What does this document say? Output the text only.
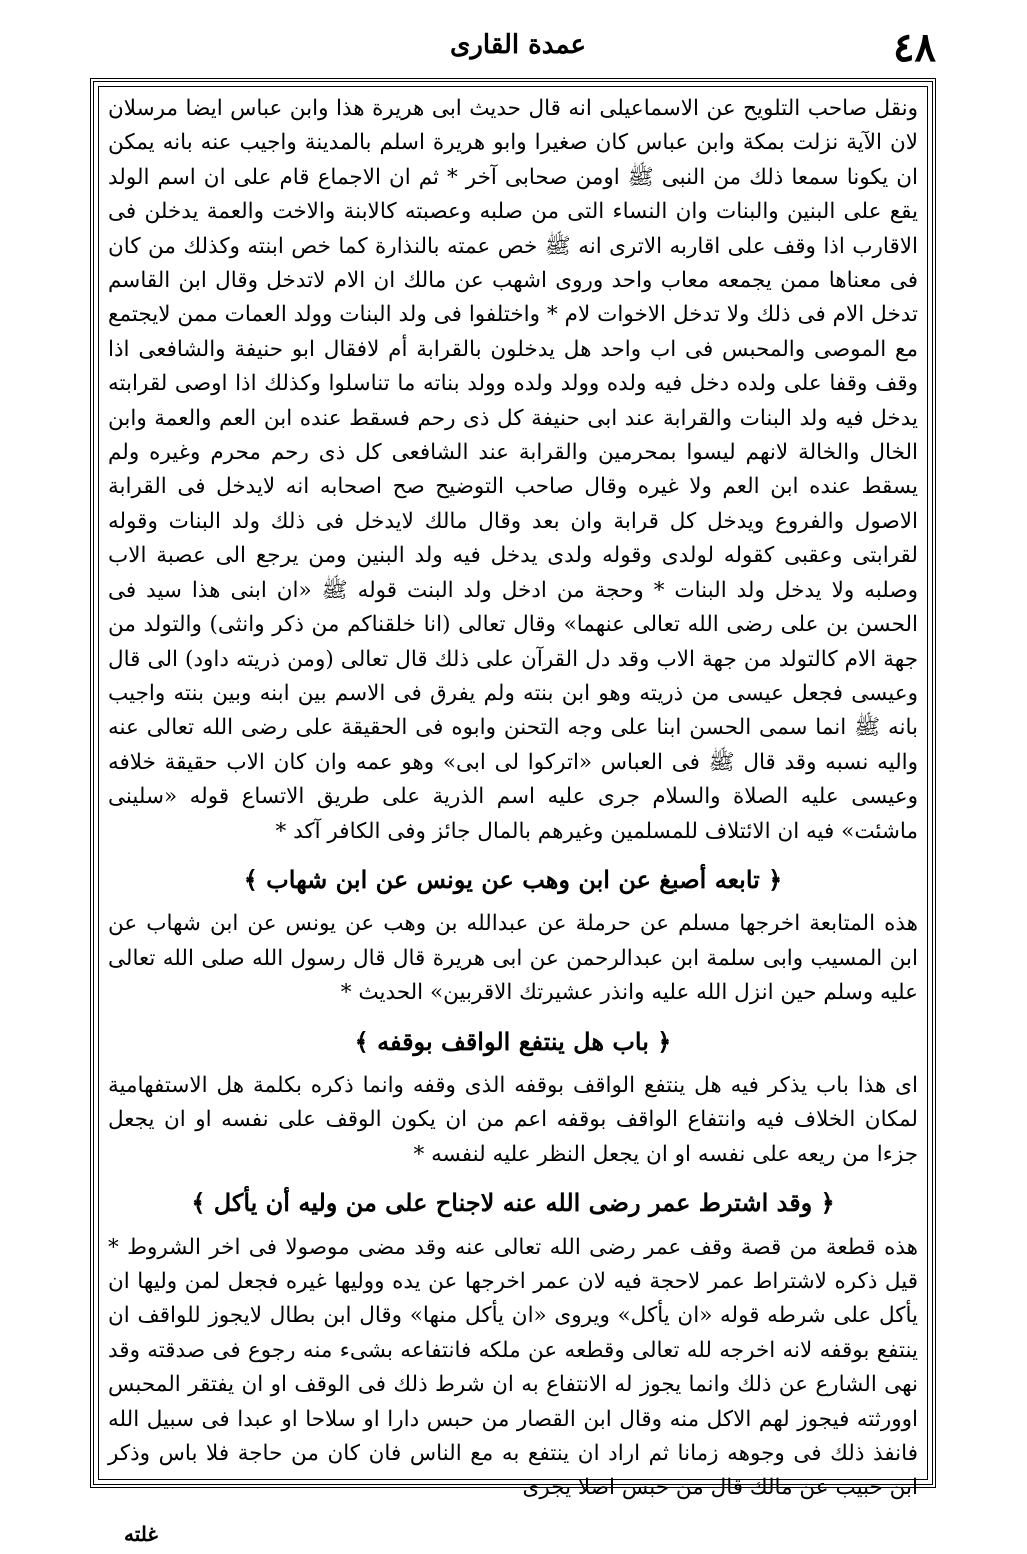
٤٨
عمدة القارى

ونقل صاحب التلويح عن الاسماعيلى انه قال حديث ابى هريرة هذا وابن عباس ايضا مرسلان لان الآية نزلت بمكة وابن عباس كان صغيرا وابو هريرة اسلم بالمدينة واجيب عنه بانه يمكن ان يكونا سمعا ذلك من النبى ﷺ اومن صحابى آخر * ثم ان الاجماع قام على ان اسم الولد يقع على البنين والبنات وان النساء التى من صلبه وعصبته كالابنة والاخت والعمة يدخلن فى الاقارب اذا وقف على اقاربه الاترى انه ﷺ خص عمته بالنذارة كما خص ابنته وكذلك من كان فى معناها ممن يجمعه معاب واحد وروى اشهب عن مالك ان الام لاتدخل وقال ابن القاسم تدخل الام فى ذلك ولا تدخل الاخوات لام * واختلفوا فى ولد البنات وولد العمات ممن لايجتمع مع الموصى والمحبس فى اب واحد هل يدخلون بالقرابة أم لافقال ابو حنيفة والشافعى اذا وقف وقفا على ولده دخل فيه ولده وولد ولده وولد بناته ما تناسلوا وكذلك اذا اوصى لقرابته يدخل فيه ولد البنات والقرابة عند ابى حنيفة كل ذى رحم فسقط عنده ابن العم والعمة وابن الخال والخالة لانهم ليسوا بمحرمين والقرابة عند الشافعى كل ذى رحم محرم وغيره ولم يسقط عنده ابن العم ولا غيره وقال صاحب التوضيح صح اصحابه انه لايدخل فى القرابة الاصول والفروع ويدخل كل قرابة وان بعد وقال مالك لايدخل فى ذلك ولد البنات وقوله لقرابتى وعقبى كقوله لولدى وقوله ولدى يدخل فيه ولد البنين ومن يرجع الى عصبة الاب وصلبه ولا يدخل ولد البنات * وحجة من ادخل ولد البنت قوله ﷺ «ان ابنى هذا سيد فى الحسن بن على رضى الله تعالى عنهما» وقال تعالى (انا خلقناكم من ذكر وانثى) والتولد من جهة الام كالتولد من جهة الاب وقد دل القرآن على ذلك قال تعالى (ومن ذريته داود) الى قال وعيسى فجعل عيسى من ذريته وهو ابن بنته ولم يفرق فى الاسم بين ابنه وبين بنته واجيب بانه ﷺ انما سمى الحسن ابنا على وجه التحنن وابوه فى الحقيقة على رضى الله تعالى عنه واليه نسبه وقد قال ﷺ فى العباس «اتركوا لى ابى» وهو عمه وان كان الاب حقيقة خلافه وعيسى عليه الصلاة والسلام جرى عليه اسم الذرية على طريق الاتساع قوله «سلينى ماشئت» فيه ان الائتلاف للمسلمين وغيرهم بالمال جائز وفى الكافر آكد *

﴿ تابعه أصبغ عن ابن وهب عن يونس عن ابن شهاب ﴾

هذه المتابعة اخرجها مسلم عن حرملة عن عبدالله بن وهب عن يونس عن ابن شهاب عن ابن المسيب وابى سلمة ابن عبدالرحمن عن ابى هريرة قال قال رسول الله صلى الله تعالى عليه وسلم حين انزل الله عليه وانذر عشيرتك الاقربين» الحديث *

﴿ باب هل ينتفع الواقف بوقفه ﴾

اى هذا باب يذكر فيه هل ينتفع الواقف بوقفه الذى وقفه وانما ذكره بكلمة هل الاستفهامية لمكان الخلاف فيه وانتفاع الواقف بوقفه اعم من ان يكون الوقف على نفسه او ان يجعل جزءا من ريعه على نفسه او ان يجعل النظر عليه لنفسه *

﴿ وقد اشترط عمر رضى الله عنه لاجناح على من وليه أن يأكل ﴾

هذه قطعة من قصة وقف عمر رضى الله تعالى عنه وقد مضى موصولا فى اخر الشروط * قيل ذكره لاشتراط عمر لاحجة فيه لان عمر اخرجها عن يده ووليها غيره فجعل لمن وليها ان يأكل على شرطه قوله «ان يأكل» ويروى «ان يأكل منها» وقال ابن بطال لايجوز للواقف ان ينتفع بوقفه لانه اخرجه لله تعالى وقطعه عن ملكه فانتفاعه بشىء منه رجوع فى صدقته وقد نهى الشارع عن ذلك وانما يجوز له الانتفاع به ان شرط ذلك فى الوقف او ان يفتقر المحبس اوورثته فيجوز لهم الاكل منه وقال ابن القصار من حبس دارا او سلاحا او عبدا فى سبيل الله فانفذ ذلك فى وجوهه زمانا ثم اراد ان ينتفع به مع الناس فان كان من حاجة فلا باس وذكر ابن حبيب عن مالك قال من حبس اصلا يجرى

غلته
